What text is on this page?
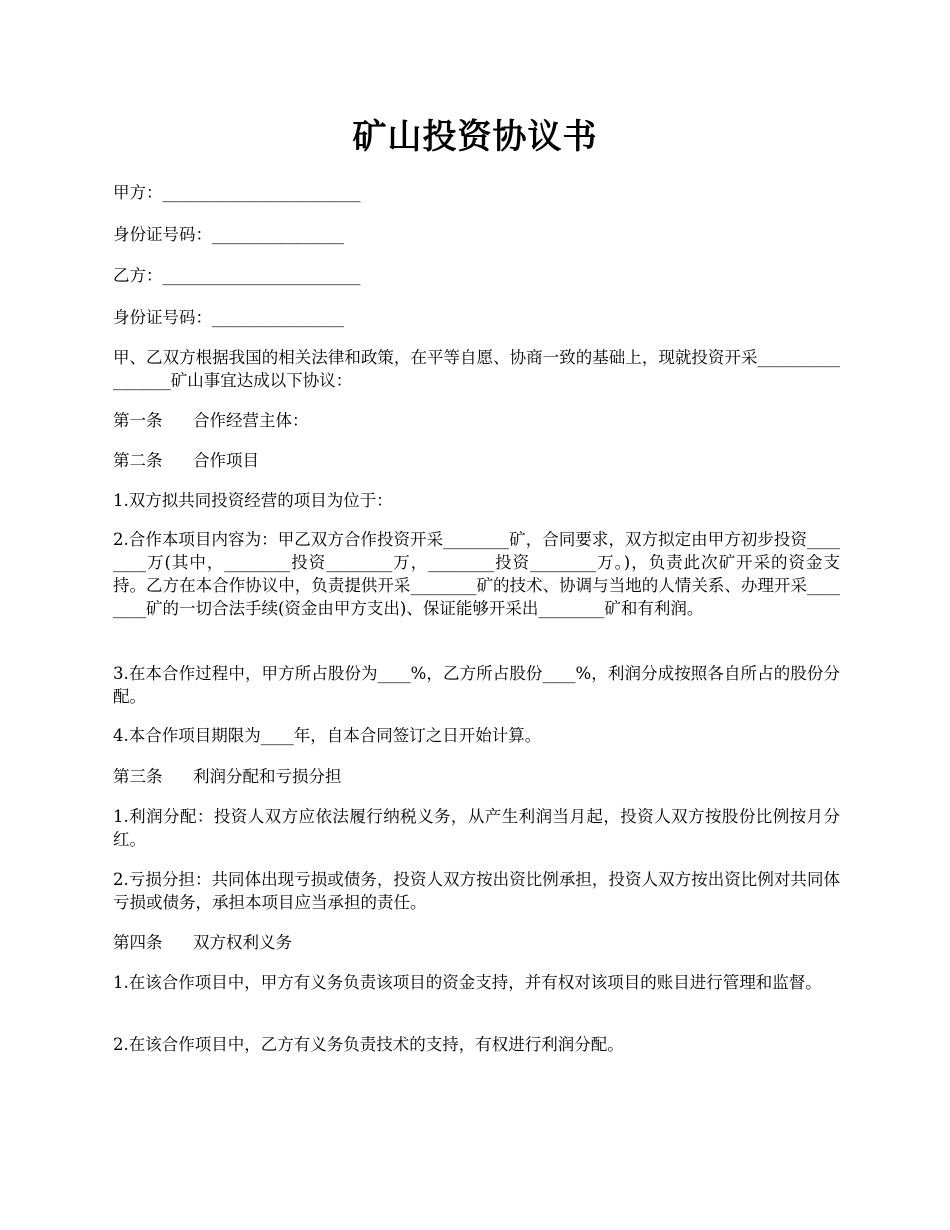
矿山投资协议书

甲方：________________________

身份证号码：________________

乙方：________________________

身份证号码：________________

甲、乙双方根据我国的相关法律和政策，在平等自愿、协商一致的基础上，现就投资开采_________________矿山事宜达成以下协议：

第一条 合作经营主体：

第二条 合作项目

1.双方拟共同投资经营的项目为位于：

2.合作本项目内容为：甲乙双方合作投资开采________矿，合同要求，双方拟定由甲方初步投资________万(其中，________投资________万，________投资________万。)，负责此次矿开采的资金支持。乙方在本合作协议中，负责提供开采________矿的技术、协调与当地的人情关系、办理开采________矿的一切合法手续(资金由甲方支出)、保证能够开采出________矿和有利润。

3.在本合作过程中，甲方所占股份为____%，乙方所占股份____%，利润分成按照各自所占的股份分配。

4.本合作项目期限为____年，自本合同签订之日开始计算。

第三条 利润分配和亏损分担

1.利润分配：投资人双方应依法履行纳税义务，从产生利润当月起，投资人双方按股份比例按月分红。

2.亏损分担：共同体出现亏损或债务，投资人双方按出资比例承担，投资人双方按出资比例对共同体亏损或债务，承担本项目应当承担的责任。

第四条 双方权利义务

1.在该合作项目中，甲方有义务负责该项目的资金支持，并有权对该项目的账目进行管理和监督。

2.在该合作项目中，乙方有义务负责技术的支持，有权进行利润分配。
